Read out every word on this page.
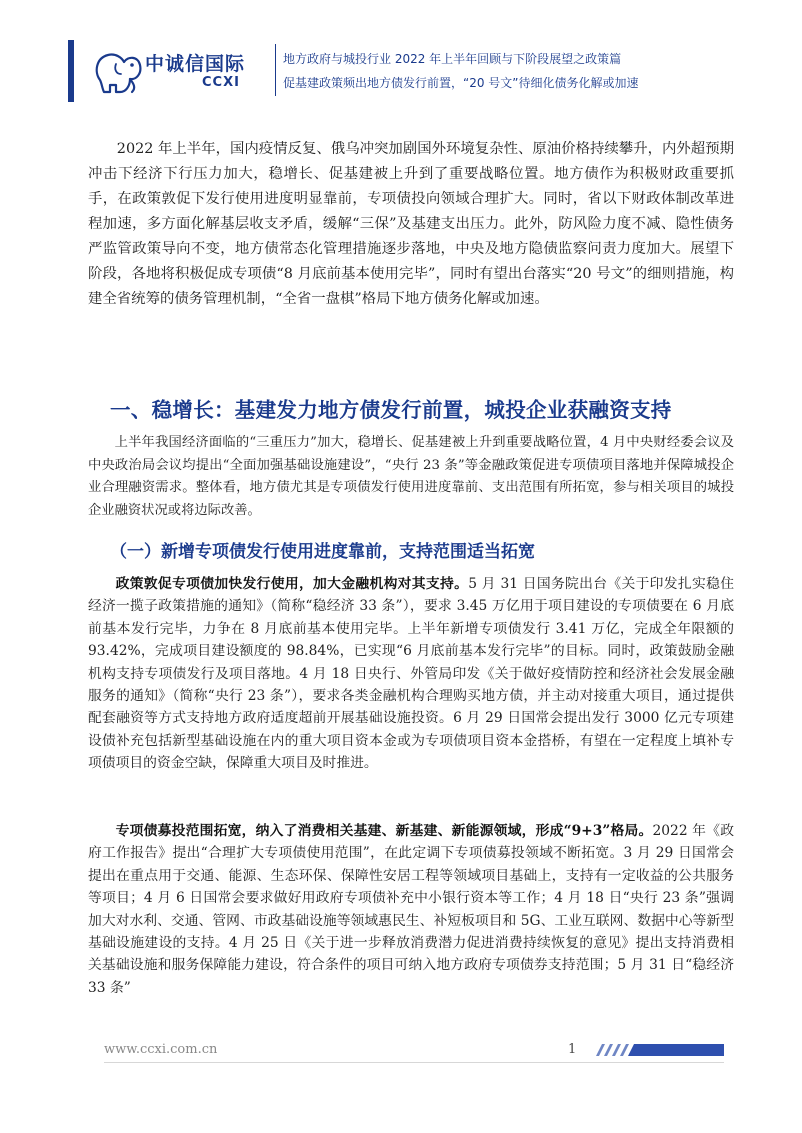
中诚信国际
CCXI
地方政府与城投行业 2022 年上半年回顾与下阶段展望之政策篇
促基建政策频出地方债发行前置，“20 号文”待细化债务化解或加速

2022 年上半年，国内疫情反复、俄乌冲突加剧国外环境复杂性、原油价格持续攀升，内外超预期冲击下经济下行压力加大，稳增长、促基建被上升到了重要战略位置。地方债作为积极财政重要抓手，在政策敦促下发行使用进度明显靠前，专项债投向领域合理扩大。同时，省以下财政体制改革进程加速，多方面化解基层收支矛盾，缓解“三保”及基建支出压力。此外，防风险力度不减、隐性债务严监管政策导向不变，地方债常态化管理措施逐步落地，中央及地方隐债监察问责力度加大。展望下阶段，各地将积极促成专项债“8 月底前基本使用完毕”，同时有望出台落实“20 号文”的细则措施，构建全省统筹的债务管理机制，“全省一盘棋”格局下地方债务化解或加速。

一、稳增长：基建发力地方债发行前置，城投企业获融资支持

上半年我国经济面临的“三重压力”加大，稳增长、促基建被上升到重要战略位置，4 月中央财经委会议及中央政治局会议均提出“全面加强基础设施建设”，“央行 23 条”等金融政策促进专项债项目落地并保障城投企业合理融资需求。整体看，地方债尤其是专项债发行使用进度靠前、支出范围有所拓宽，参与相关项目的城投企业融资状况或将边际改善。

（一）新增专项债发行使用进度靠前，支持范围适当拓宽

政策敦促专项债加快发行使用，加大金融机构对其支持。5 月 31 日国务院出台《关于印发扎实稳住经济一揽子政策措施的通知》（简称“稳经济 33 条”），要求 3.45 万亿用于项目建设的专项债要在 6 月底前基本发行完毕，力争在 8 月底前基本使用完毕。上半年新增专项债发行 3.41 万亿，完成全年限额的 93.42%，完成项目建设额度的 98.84%，已实现“6 月底前基本发行完毕”的目标。同时，政策鼓励金融机构支持专项债发行及项目落地。4 月 18 日央行、外管局印发《关于做好疫情防控和经济社会发展金融服务的通知》（简称“央行 23 条”），要求各类金融机构合理购买地方债，并主动对接重大项目，通过提供配套融资等方式支持地方政府适度超前开展基础设施投资。6 月 29 日国常会提出发行 3000 亿元专项建设债补充包括新型基础设施在内的重大项目资本金或为专项债项目资本金搭桥，有望在一定程度上填补专项债项目的资金空缺，保障重大项目及时推进。

专项债募投范围拓宽，纳入了消费相关基建、新基建、新能源领域，形成“9+3”格局。2022 年《政府工作报告》提出“合理扩大专项债使用范围”，在此定调下专项债募投领域不断拓宽。3 月 29 日国常会提出在重点用于交通、能源、生态环保、保障性安居工程等领域项目基础上，支持有一定收益的公共服务等项目；4 月 6 日国常会要求做好用政府专项债补充中小银行资本等工作；4 月 18 日“央行 23 条”强调加大对水利、交通、管网、市政基础设施等领域惠民生、补短板项目和 5G、工业互联网、数据中心等新型基础设施建设的支持。4 月 25 日《关于进一步释放消费潜力促进消费持续恢复的意见》提出支持消费相关基础设施和服务保障能力建设，符合条件的项目可纳入地方政府专项债券支持范围；5 月 31 日“稳经济 33 条”

www.ccxi.com.cn	1
